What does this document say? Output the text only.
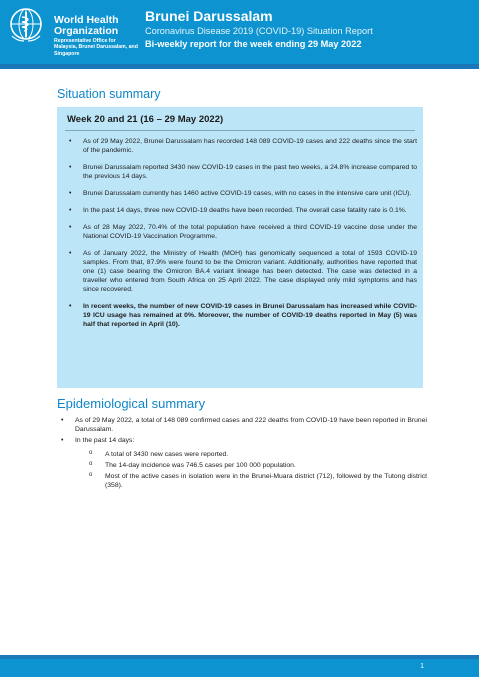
World Health
Organization
Representative Office for Malaysia, Brunei Darussalam, and Singapore
Brunei Darussalam
Coronavirus Disease 2019 (COVID-19) Situation Report
Bi-weekly report for the week ending 29 May 2022
Situation summary
Week 20 and 21 (16 – 29 May 2022)
• As of 29 May 2022, Brunei Darussalam has recorded 148 089 COVID-19 cases and 222 deaths since the start of the pandemic.
• Brunei Darussalam reported 3430 new COVID-19 cases in the past two weeks, a 24.8% increase compared to the previous 14 days.
• Brunei Darussalam currently has 1460 active COVID-19 cases, with no cases in the intensive care unit (ICU).
• In the past 14 days, three new COVID-19 deaths have been recorded. The overall case fatality rate is 0.1%.
• As of 28 May 2022, 70.4% of the total population have received a third COVID-19 vaccine dose under the National COVID-19 Vaccination Programme.
• As of January 2022, the Ministry of Health (MOH) has genomically sequenced a total of 1593 COVID-19 samples. From that, 87.9% were found to be the Omicron variant. Additionally, authorities have reported that one (1) case bearing the Omicron BA.4 variant lineage has been detected. The case was detected in a traveller who entered from South Africa on 25 April 2022. The case displayed only mild symptoms and has since recovered.
• In recent weeks, the number of new COVID-19 cases in Brunei Darussalam has increased while COVID-19 ICU usage has remained at 0%. Moreover, the number of COVID-19 deaths reported in May (5) was half that reported in April (10).
Epidemiological summary
• As of 29 May 2022, a total of 148 089 confirmed cases and 222 deaths from COVID-19 have been reported in Brunei Darussalam.
• In the past 14 days:
o A total of 3430 new cases were reported.
o The 14-day incidence was 746.5 cases per 100 000 population.
o Most of the active cases in isolation were in the Brunei-Muara district (712), followed by the Tutong district (358).
1
